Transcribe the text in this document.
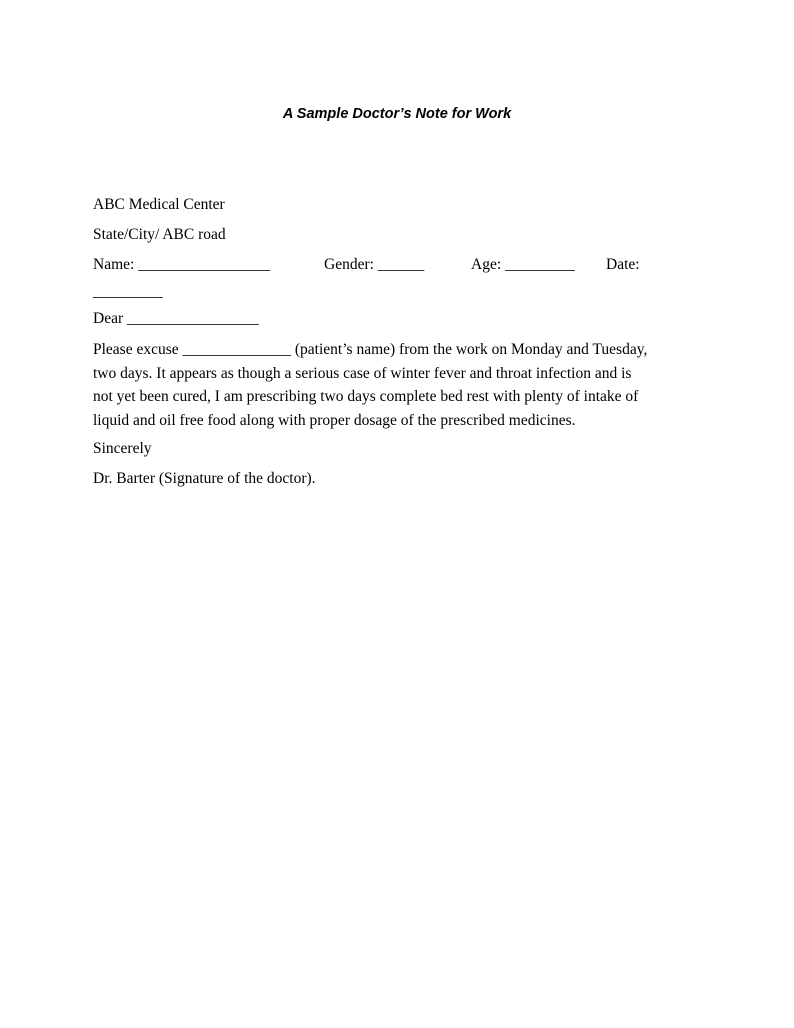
A Sample Doctor’s Note for Work
ABC Medical Center
State/City/ ABC road
Name: _________________	Gender: ______	Age: _________ Date:
_________
Dear _________________
Please excuse ______________ (patient’s name) from the work on Monday and Tuesday,
two days. It appears as though a serious case of winter fever and throat infection and is
not yet been cured, I am prescribing two days complete bed rest with plenty of intake of
liquid and oil free food along with proper dosage of the prescribed medicines.
Sincerely
Dr. Barter (Signature of the doctor).
